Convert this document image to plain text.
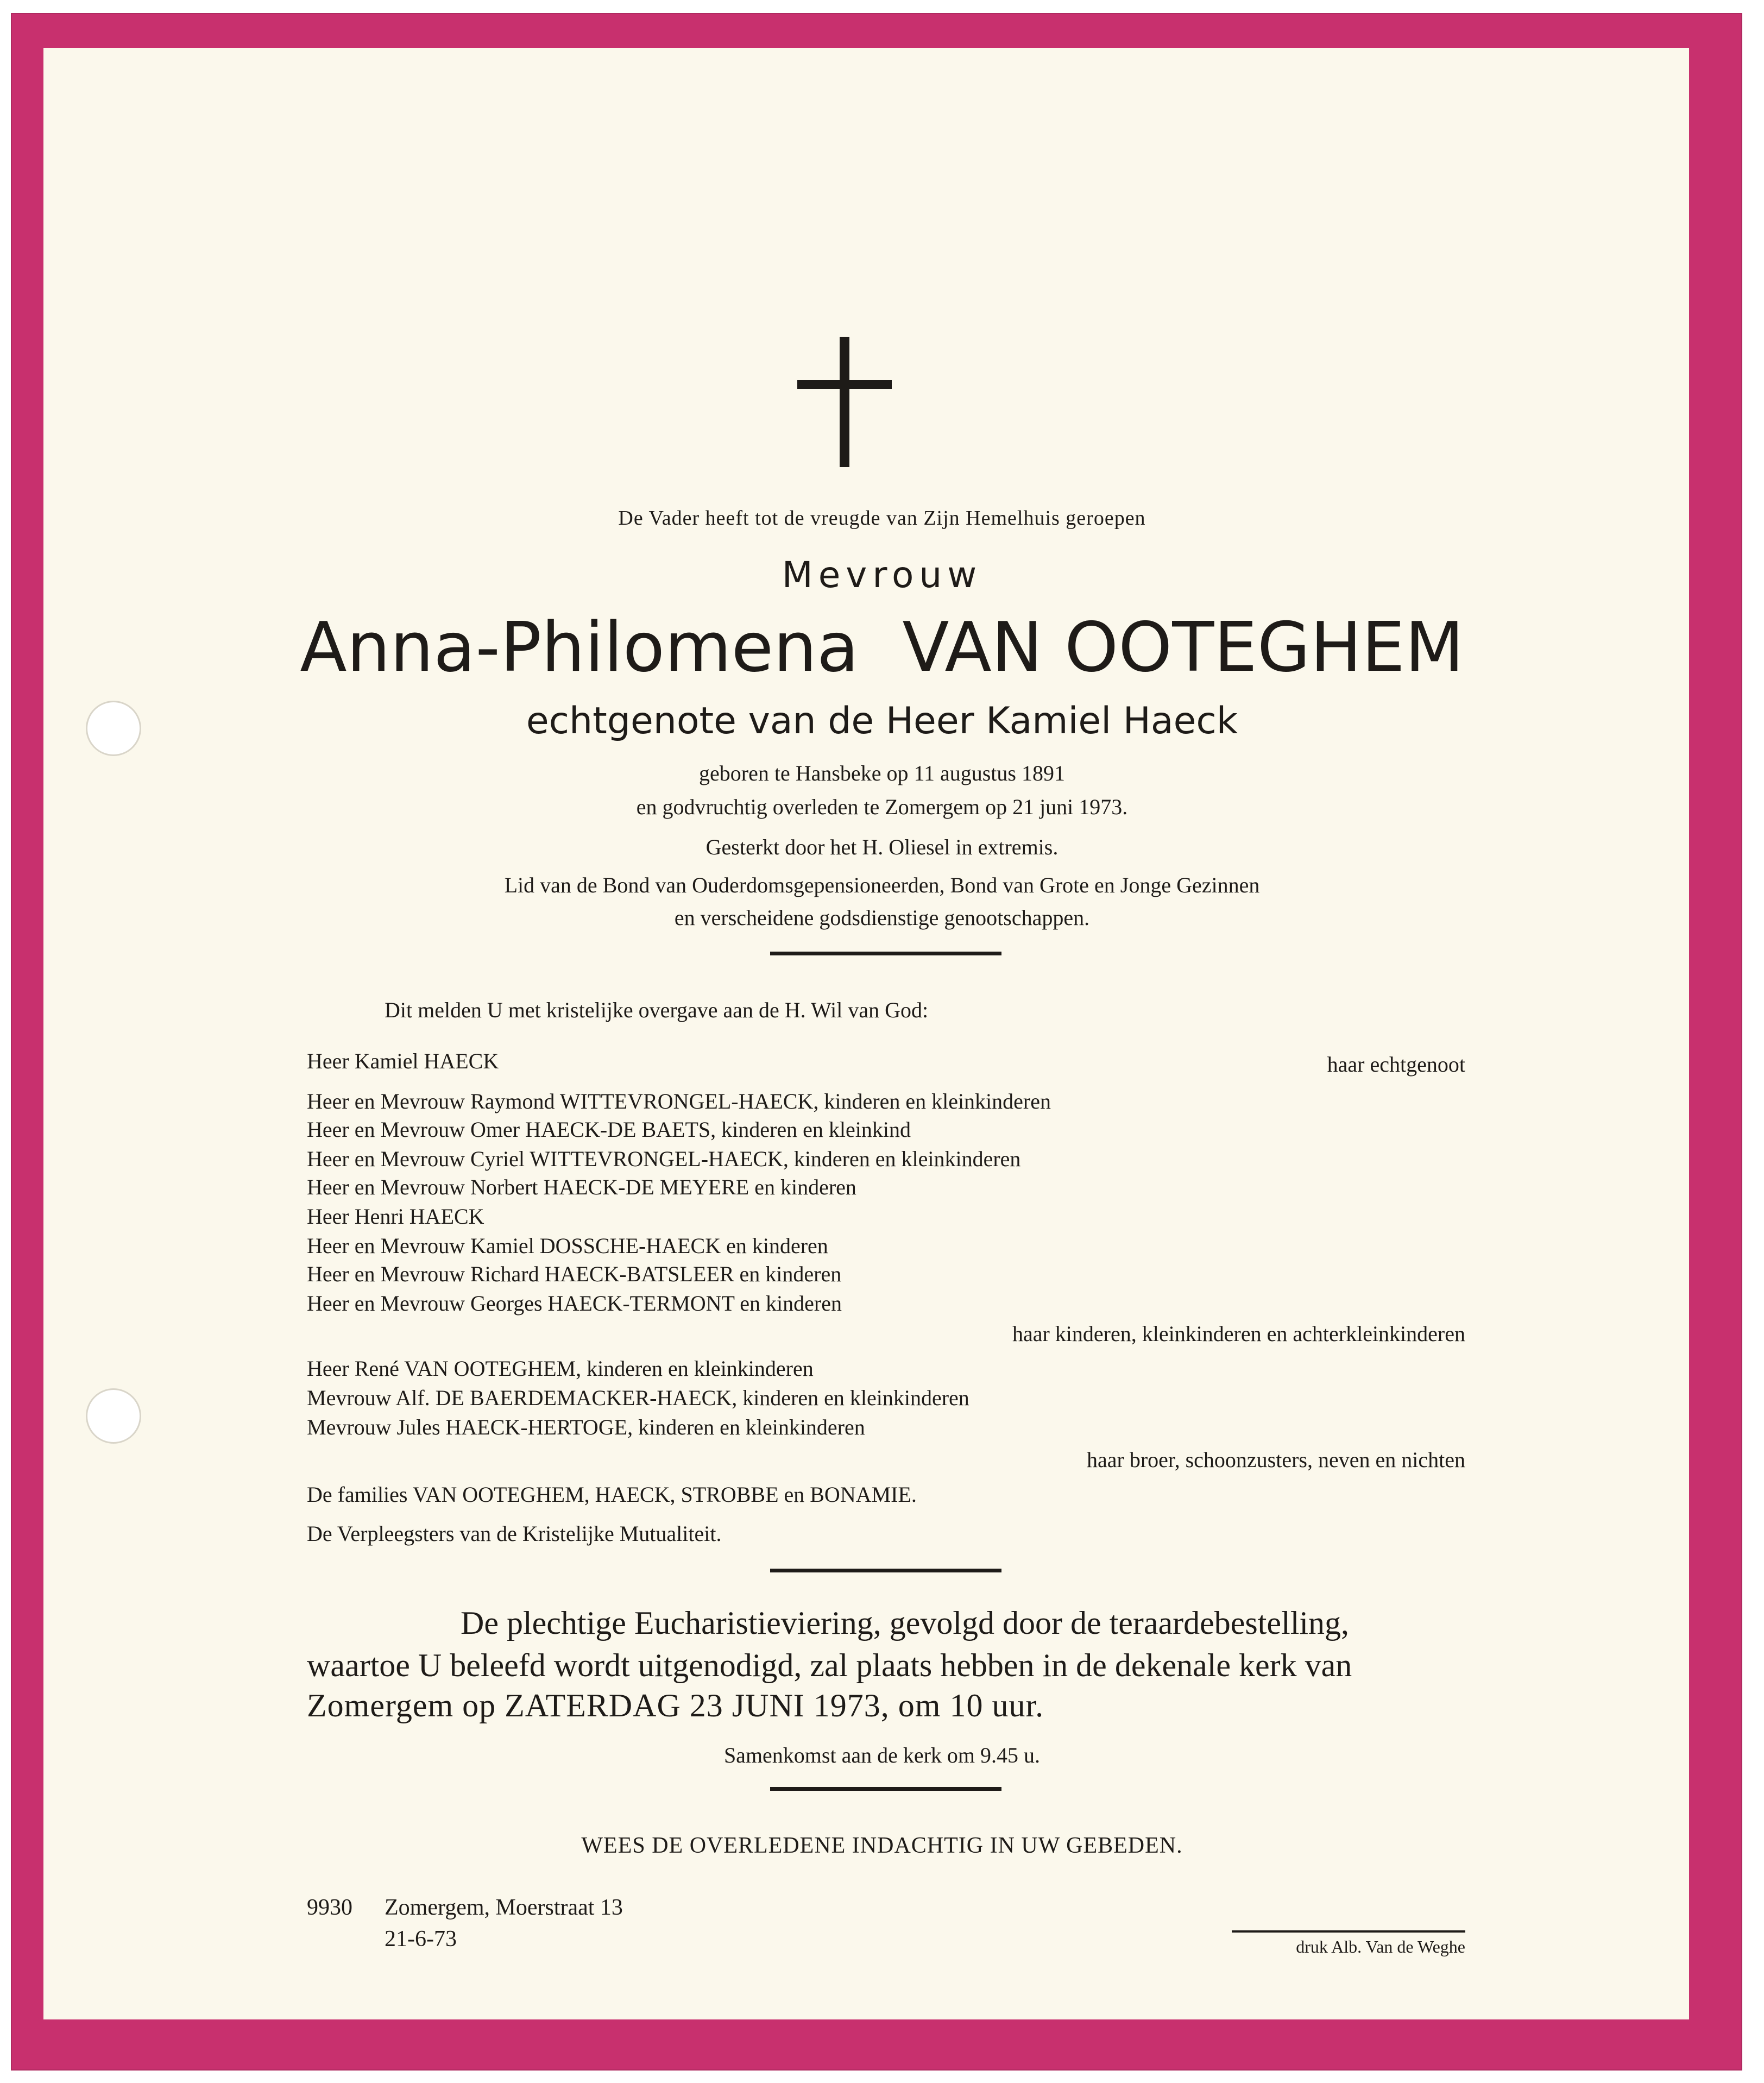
De Vader heeft tot de vreugde van Zijn Hemelhuis geroepen
Mevrouw
Anna-Philomena  VAN OOTEGHEM
echtgenote van de Heer Kamiel Haeck
geboren te Hansbeke op 11 augustus 1891
en godvruchtig overleden te Zomergem op 21 juni 1973.
Gesterkt door het H. Oliesel in extremis.
Lid van de Bond van Ouderdomsgepensioneerden, Bond van Grote en Jonge Gezinnen
en verscheidene godsdienstige genootschappen.
Dit melden U met kristelijke overgave aan de H. Wil van God:
Heer Kamiel HAECK	haar echtgenoot
Heer en Mevrouw Raymond WITTEVRONGEL-HAECK, kinderen en kleinkinderen
Heer en Mevrouw Omer HAECK-DE BAETS, kinderen en kleinkind
Heer en Mevrouw Cyriel WITTEVRONGEL-HAECK, kinderen en kleinkinderen
Heer en Mevrouw Norbert HAECK-DE MEYERE en kinderen
Heer Henri HAECK
Heer en Mevrouw Kamiel DOSSCHE-HAECK en kinderen
Heer en Mevrouw Richard HAECK-BATSLEER en kinderen
Heer en Mevrouw Georges HAECK-TERMONT en kinderen
haar kinderen, kleinkinderen en achterkleinkinderen
Heer René VAN OOTEGHEM, kinderen en kleinkinderen
Mevrouw Alf. DE BAERDEMACKER-HAECK, kinderen en kleinkinderen
Mevrouw Jules HAECK-HERTOGE, kinderen en kleinkinderen
haar broer, schoonzusters, neven en nichten
De families VAN OOTEGHEM, HAECK, STROBBE en BONAMIE.
De Verpleegsters van de Kristelijke Mutualiteit.
De plechtige Eucharistieviering, gevolgd door de teraardebestelling,
waartoe U beleefd wordt uitgenodigd, zal plaats hebben in de dekenale kerk van
Zomergem op ZATERDAG 23 JUNI 1973, om 10 uur.
Samenkomst aan de kerk om 9.45 u.
WEES DE OVERLEDENE INDACHTIG IN UW GEBEDEN.
9930 Zomergem, Moerstraat 13
21-6-73	druk Alb. Van de Weghe
